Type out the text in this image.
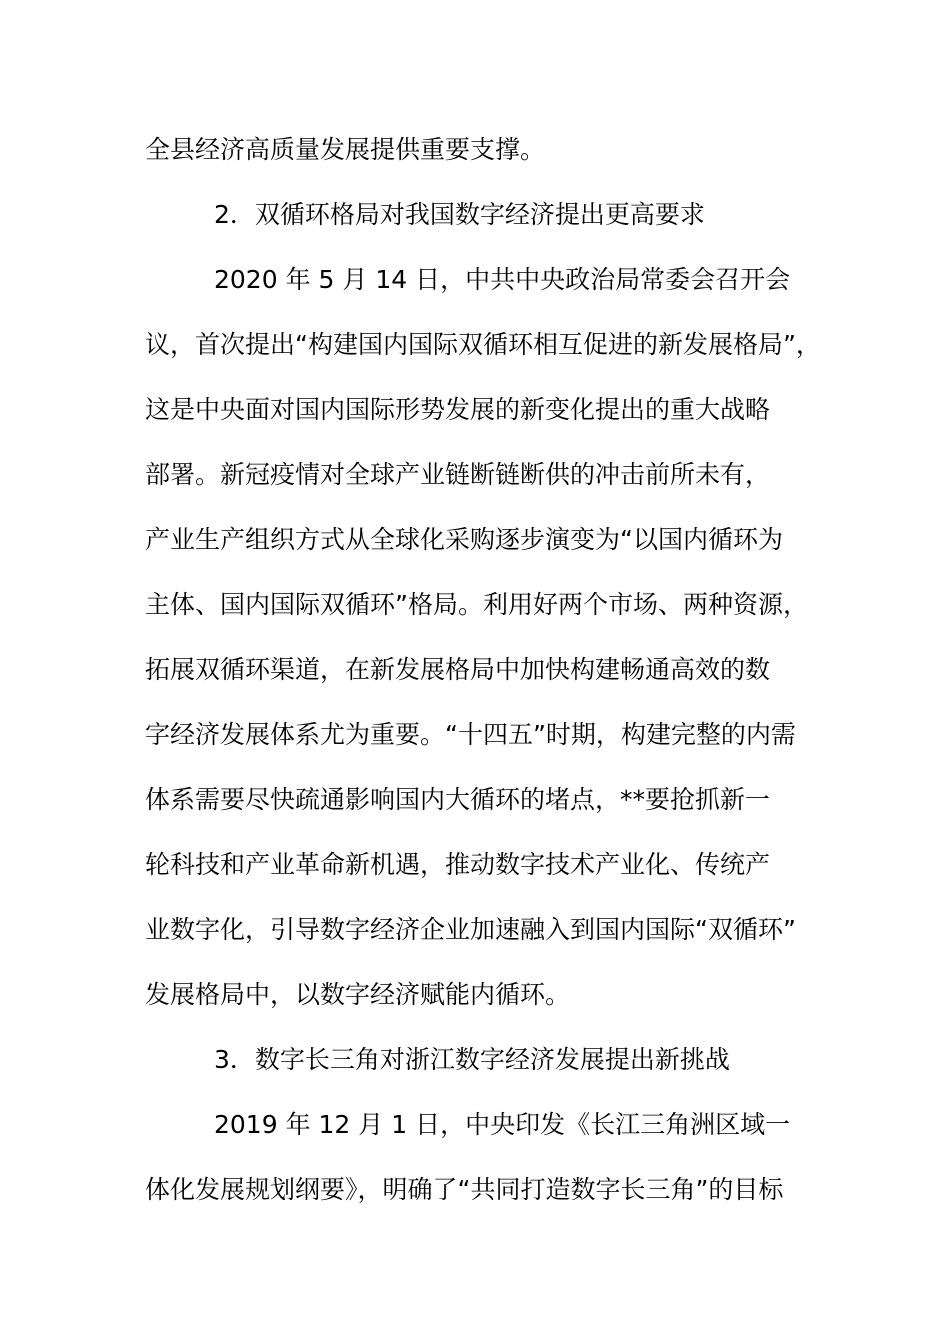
全县经济高质量发展提供重要支撑。
2．双循环格局对我国数字经济提出更高要求
2020 年 5 月 14 日，中共中央政治局常委会召开会
议，首次提出“构建国内国际双循环相互促进的新发展格局”，
这是中央面对国内国际形势发展的新变化提出的重大战略
部署。新冠疫情对全球产业链断链断供的冲击前所未有，
产业生产组织方式从全球化采购逐步演变为“以国内循环为
主体、国内国际双循环”格局。利用好两个市场、两种资源，
拓展双循环渠道，在新发展格局中加快构建畅通高效的数
字经济发展体系尤为重要。“十四五”时期，构建完整的内需
体系需要尽快疏通影响国内大循环的堵点，**要抢抓新一
轮科技和产业革命新机遇，推动数字技术产业化、传统产
业数字化，引导数字经济企业加速融入到国内国际“双循环”
发展格局中，以数字经济赋能内循环。
3．数字长三角对浙江数字经济发展提出新挑战
2019 年 12 月 1 日，中央印发《长江三角洲区域一
体化发展规划纲要》，明确了“共同打造数字长三角”的目标
